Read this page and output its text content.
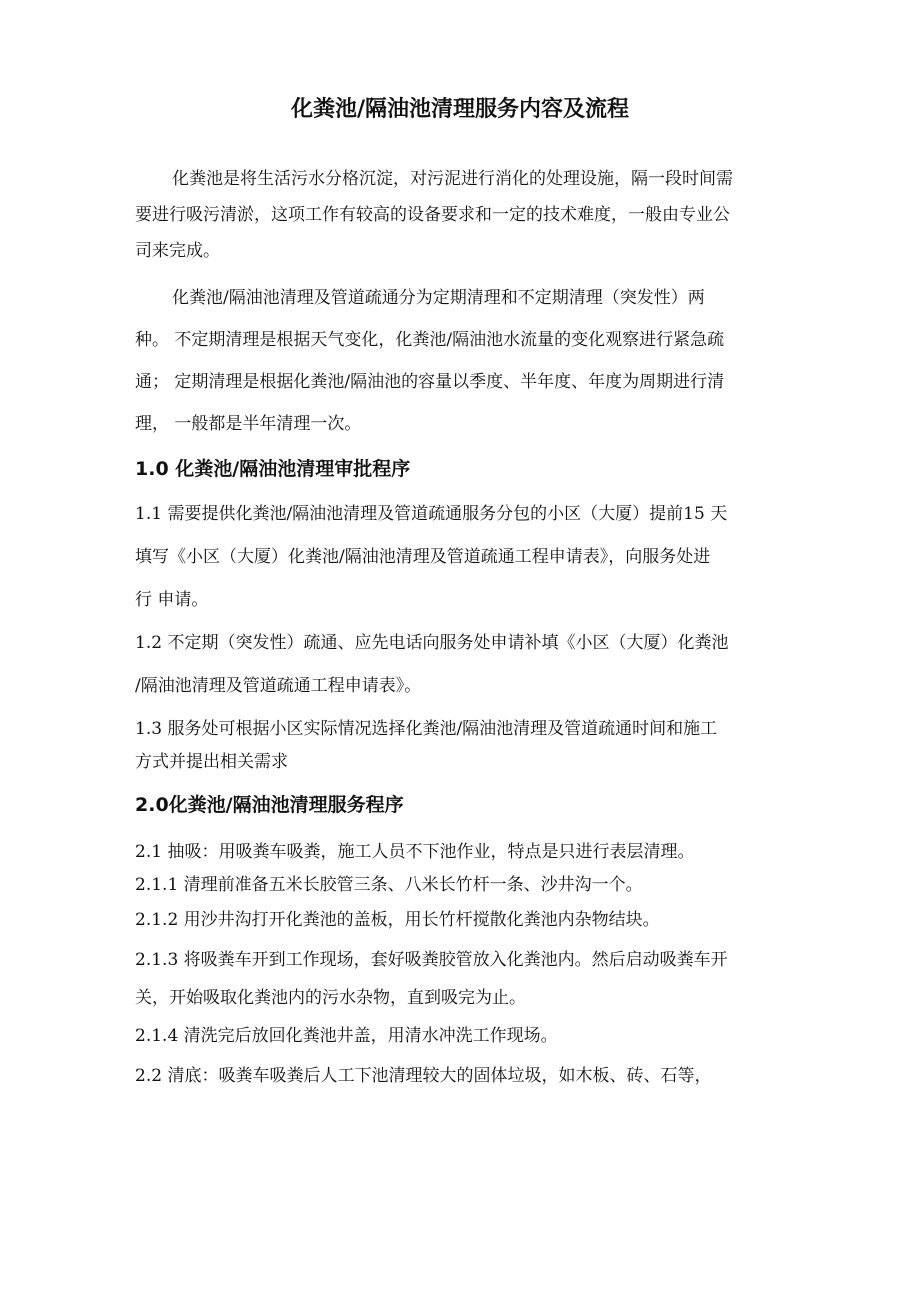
化粪池/隔油池清理服务内容及流程

化粪池是将生活污水分格沉淀，对污泥进行消化的处理设施，隔一段时间需

要进行吸污清淤，这项工作有较高的设备要求和一定的技术难度，一般由专业公

司来完成。

化粪池/隔油池清理及管道疏通分为定期清理和不定期清理（突发性）两

种。 不定期清理是根据天气变化，化粪池/隔油池水流量的变化观察进行紧急疏

通； 定期清理是根据化粪池/隔油池的容量以季度、半年度、年度为周期进行清

理， 一般都是半年清理一次。

1.0 化粪池/隔油池清理审批程序

1.1 需要提供化粪池/隔油池清理及管道疏通服务分包的小区（大厦）提前15 天

填写《小区（大厦）化粪池/隔油池清理及管道疏通工程申请表》，向服务处进

行 申请。

1.2 不定期（突发性）疏通、应先电话向服务处申请补填《小区（大厦）化粪池

/隔油池清理及管道疏通工程申请表》。

1.3 服务处可根据小区实际情况选择化粪池/隔油池清理及管道疏通时间和施工

方式并提出相关需求

2.0化粪池/隔油池清理服务程序

2.1 抽吸：用吸粪车吸粪，施工人员不下池作业，特点是只进行表层清理。

2.1.1 清理前准备五米长胶管三条、八米长竹杆一条、沙井沟一个。

2.1.2 用沙井沟打开化粪池的盖板，用长竹杆搅散化粪池内杂物结块。

2.1.3 将吸粪车开到工作现场，套好吸粪胶管放入化粪池内。然后启动吸粪车开

关，开始吸取化粪池内的污水杂物，直到吸完为止。

2.1.4 清洗完后放回化粪池井盖，用清水冲洗工作现场。

2.2 清底：吸粪车吸粪后人工下池清理较大的固体垃圾，如木板、砖、石等，
